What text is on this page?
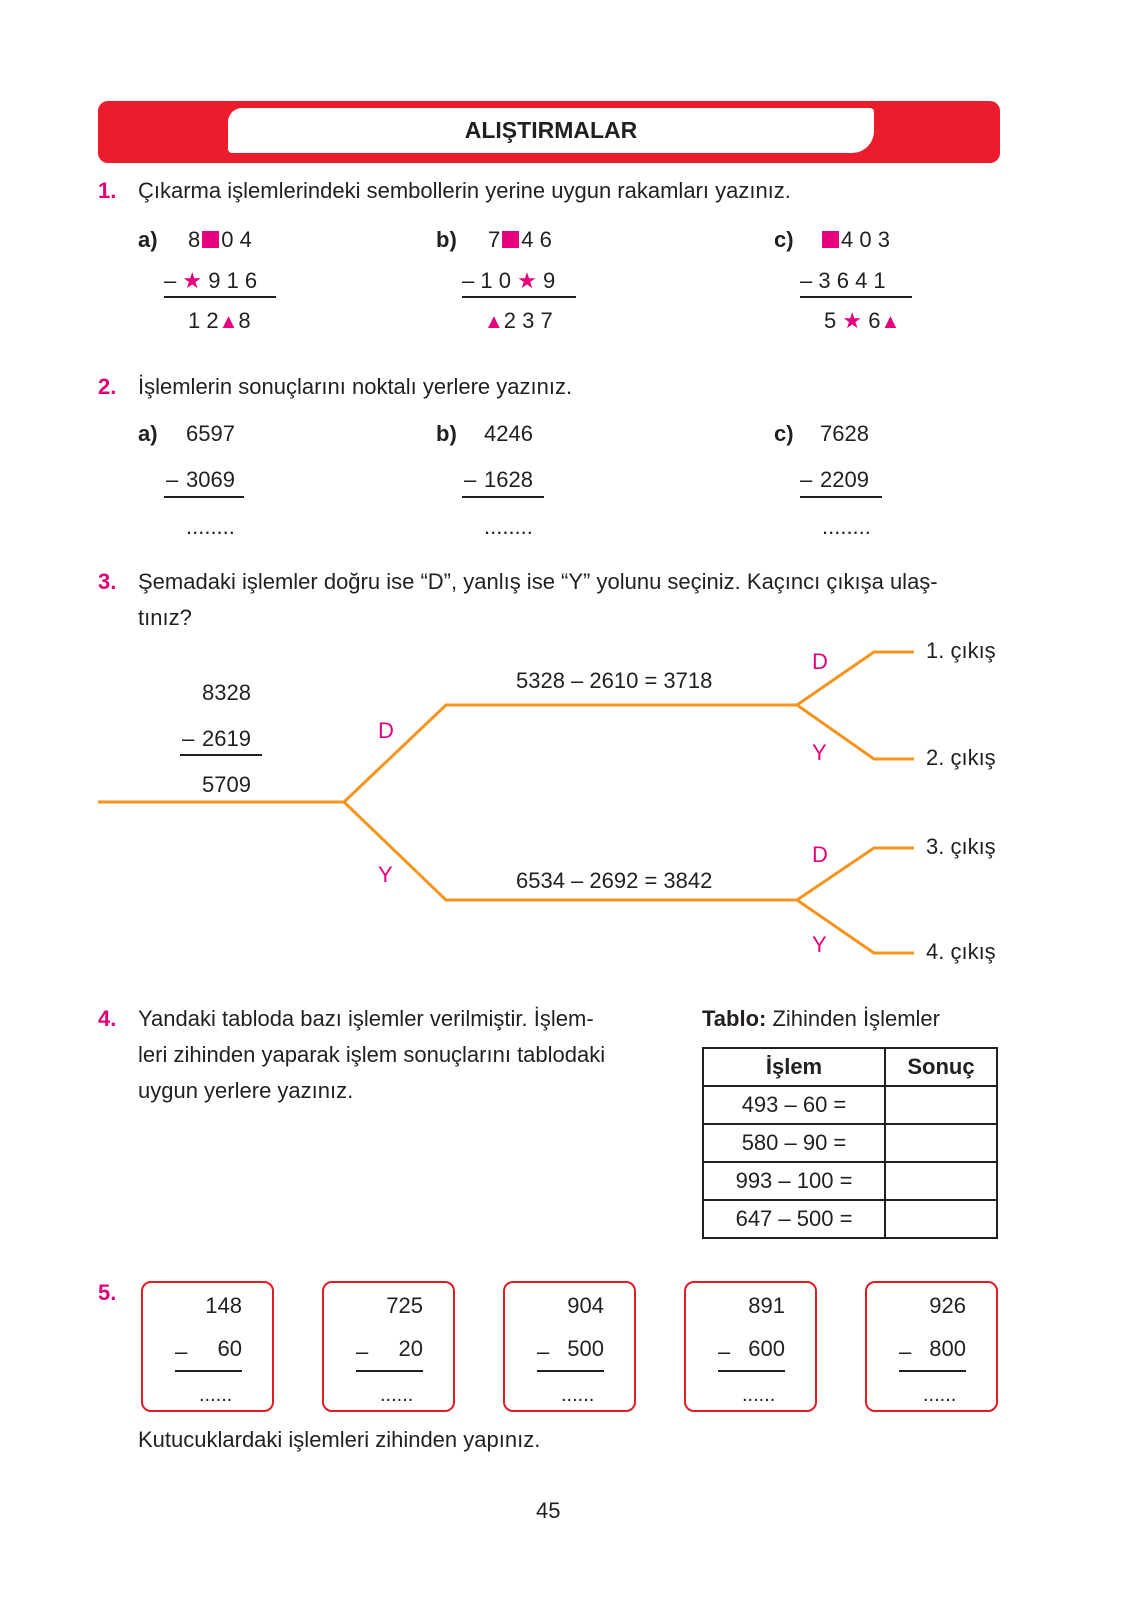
ALIŞTIRMALAR
1. Çıkarma işlemlerindeki sembollerin yerine uygun rakamları yazınız.
a) 8 0 4
– ★ 9 1 6
1 2▲8
b) 7 4 6
– 1 0 ★ 9
▲2 3 7
c)	4 0 3
– 3 6 4 1
5 ★ 6▲
2. İşlemlerin sonuçlarını noktalı yerlere yazınız.
a) 6597
– 3069
........
b) 4246
– 1628
........
c) 7628
– 2209
........
3. Şemadaki işlemler doğru ise “D”, yanlış ise “Y” yolunu seçiniz. Kaçıncı çıkışa ulaş-
tınız?
8328
– 2619
5709
D
Y
5328 – 2610 = 3718
6534 – 2692 = 3842
D
Y
D
Y
1. çıkış
2. çıkış
3. çıkış
4. çıkış
4. Yandaki tabloda bazı işlemler verilmiştir. İşlem-
leri zihinden yaparak işlem sonuçlarını tablodaki
uygun yerlere yazınız.
Tablo: Zihinden İşlemler
İşlem	Sonuç
493 – 60 =	
580 – 90 =	
993 – 100 =	
647 – 500 =	
5.
148
– 60
......
725
– 20
......
904
– 500
......
891
– 600
......
926
– 800
......
Kutucuklardaki işlemleri zihinden yapınız.
45
